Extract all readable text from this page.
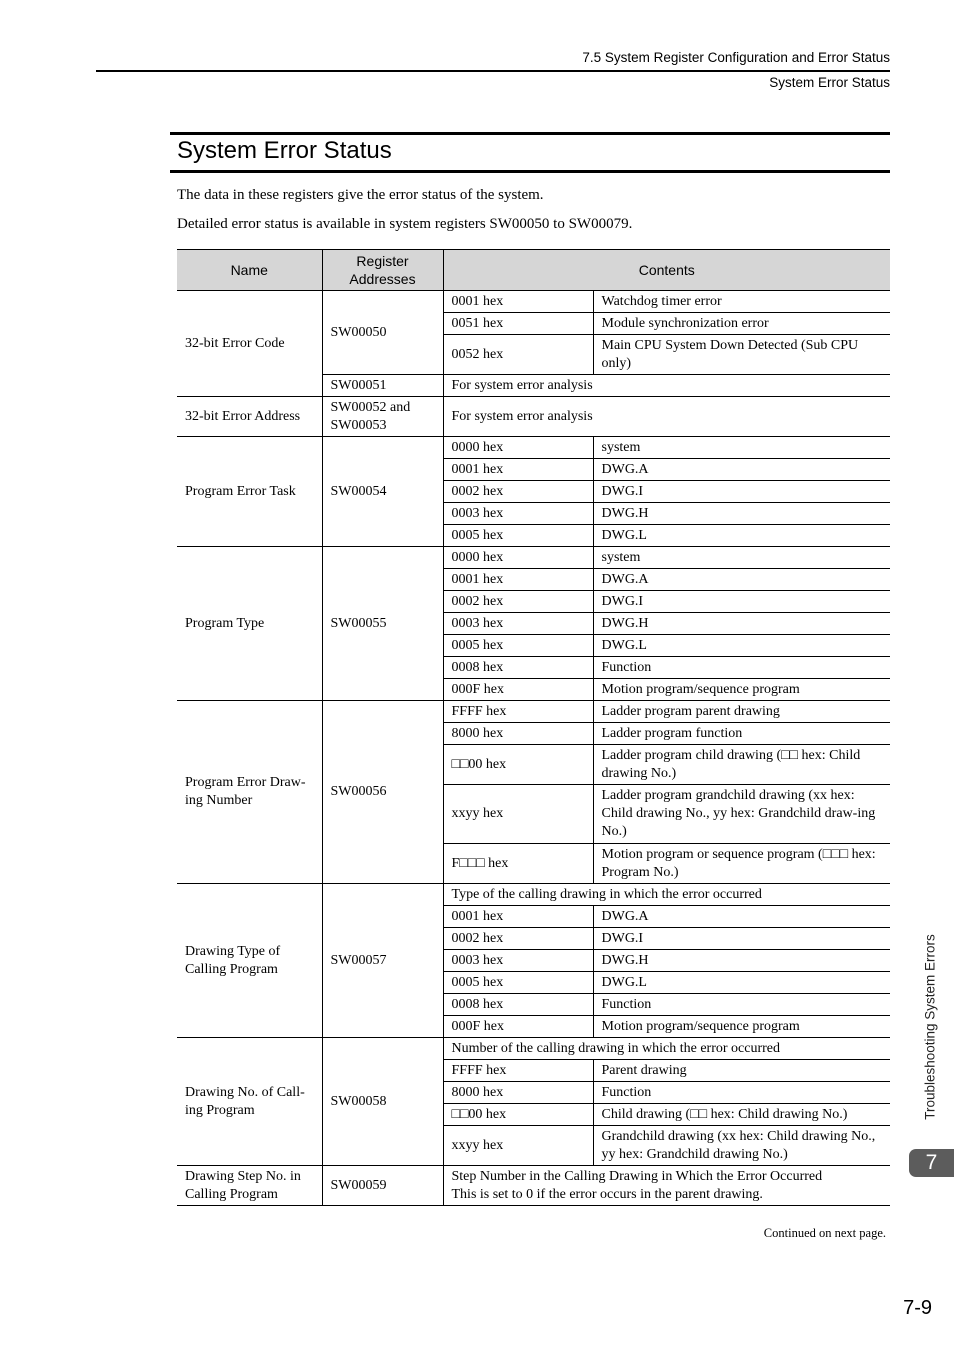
7.5 System Register Configuration and Error Status
System Error Status
System Error Status
The data in these registers give the error status of the system.
Detailed error status is available in system registers SW00050 to SW00079.
Name	Register Addresses	Contents	
32-bit Error Code	SW00050	0001 hex	Watchdog timer error
		0051 hex	Module synchronization error
		0052 hex	Main CPU System Down Detected (Sub CPU only)
	SW00051	For system error analysis	
32-bit Error Address	SW00052 and SW00053	For system error analysis	
Program Error Task	SW00054	0000 hex	system
		0001 hex	DWG.A
		0002 hex	DWG.I
		0003 hex	DWG.H
		0005 hex	DWG.L
Program Type	SW00055	0000 hex	system
		0001 hex	DWG.A
		0002 hex	DWG.I
		0003 hex	DWG.H
		0005 hex	DWG.L
		0008 hex	Function
		000F hex	Motion program/sequence program
Program Error Draw-ing Number	SW00056	FFFF hex	Ladder program parent drawing
		8000 hex	Ladder program function
		□□00 hex	Ladder program child drawing (□□ hex: Child drawing No.)
		xxyy hex	Ladder program grandchild drawing (xx hex: Child drawing No., yy hex: Grandchild draw-ing No.)
		F□□□ hex	Motion program or sequence program (□□□ hex: Program No.)
Drawing Type of Calling Program	SW00057	Type of the calling drawing in which the error occurred	
		0001 hex	DWG.A
		0002 hex	DWG.I
		0003 hex	DWG.H
		0005 hex	DWG.L
		0008 hex	Function
		000F hex	Motion program/sequence program
Drawing No. of Call-ing Program	SW00058	Number of the calling drawing in which the error occurred	
		FFFF hex	Parent drawing
		8000 hex	Function
		□□00 hex	Child drawing (□□ hex: Child drawing No.)
		xxyy hex	Grandchild drawing (xx hex: Child drawing No., yy hex: Grandchild drawing No.)
Drawing Step No. in Calling Program	SW00059	Step Number in the Calling Drawing in Which the Error Occurred
This is set to 0 if the error occurs in the parent drawing.	
Continued on next page.
Troubleshooting System Errors
7
7-9
